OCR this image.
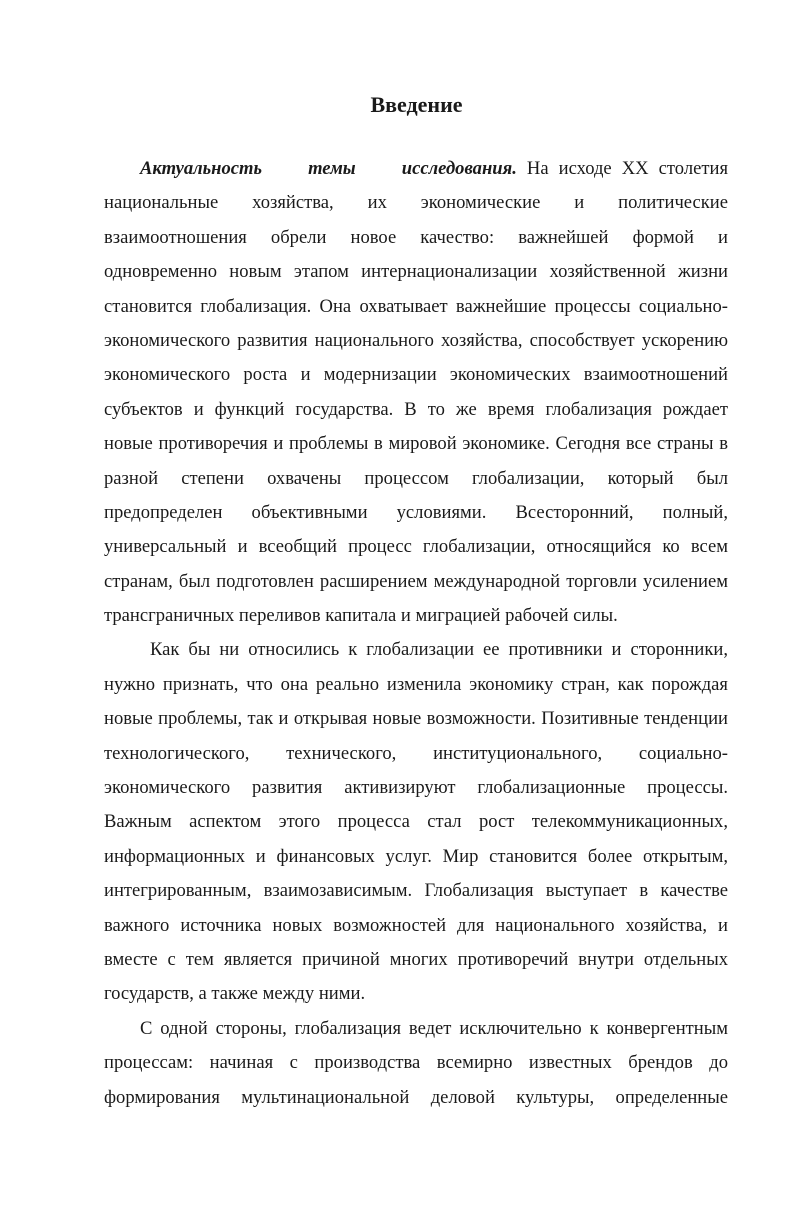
Введение
Актуальность темы исследования. На исходе XX столетия
национальные хозяйства, их экономические и политические
взаимоотношения обрели новое качество: важнейшей формой и
одновременно новым этапом интернационализации хозяйственной жизни
становится глобализация. Она охватывает важнейшие процессы социально-
экономического развития национального хозяйства, способствует ускорению
экономического роста и модернизации экономических взаимоотношений
субъектов и функций государства. В то же время глобализация рождает
новые противоречия и проблемы в мировой экономике. Сегодня все страны в
разной степени охвачены процессом глобализации, который был
предопределен объективными условиями. Всесторонний, полный,
универсальный и всеобщий процесс глобализации, относящийся ко всем
странам, был подготовлен расширением международной торговли усилением
трансграничных переливов капитала и миграцией рабочей силы.
Как бы ни относились к глобализации ее противники и сторонники,
нужно признать, что она реально изменила экономику стран, как порождая
новые проблемы, так и открывая новые возможности. Позитивные тенденции
технологического, технического, институционального, социально-
экономического развития активизируют глобализационные процессы.
Важным аспектом этого процесса стал рост телекоммуникационных,
информационных и финансовых услуг. Мир становится более открытым,
интегрированным, взаимозависимым. Глобализация выступает в качестве
важного источника новых возможностей для национального хозяйства, и
вместе с тем является причиной многих противоречий внутри отдельных
государств, а также между ними.
С одной стороны, глобализация ведет исключительно к конвергентным
процессам: начиная с производства всемирно известных брендов до
формирования мультинациональной деловой культуры, определенные
